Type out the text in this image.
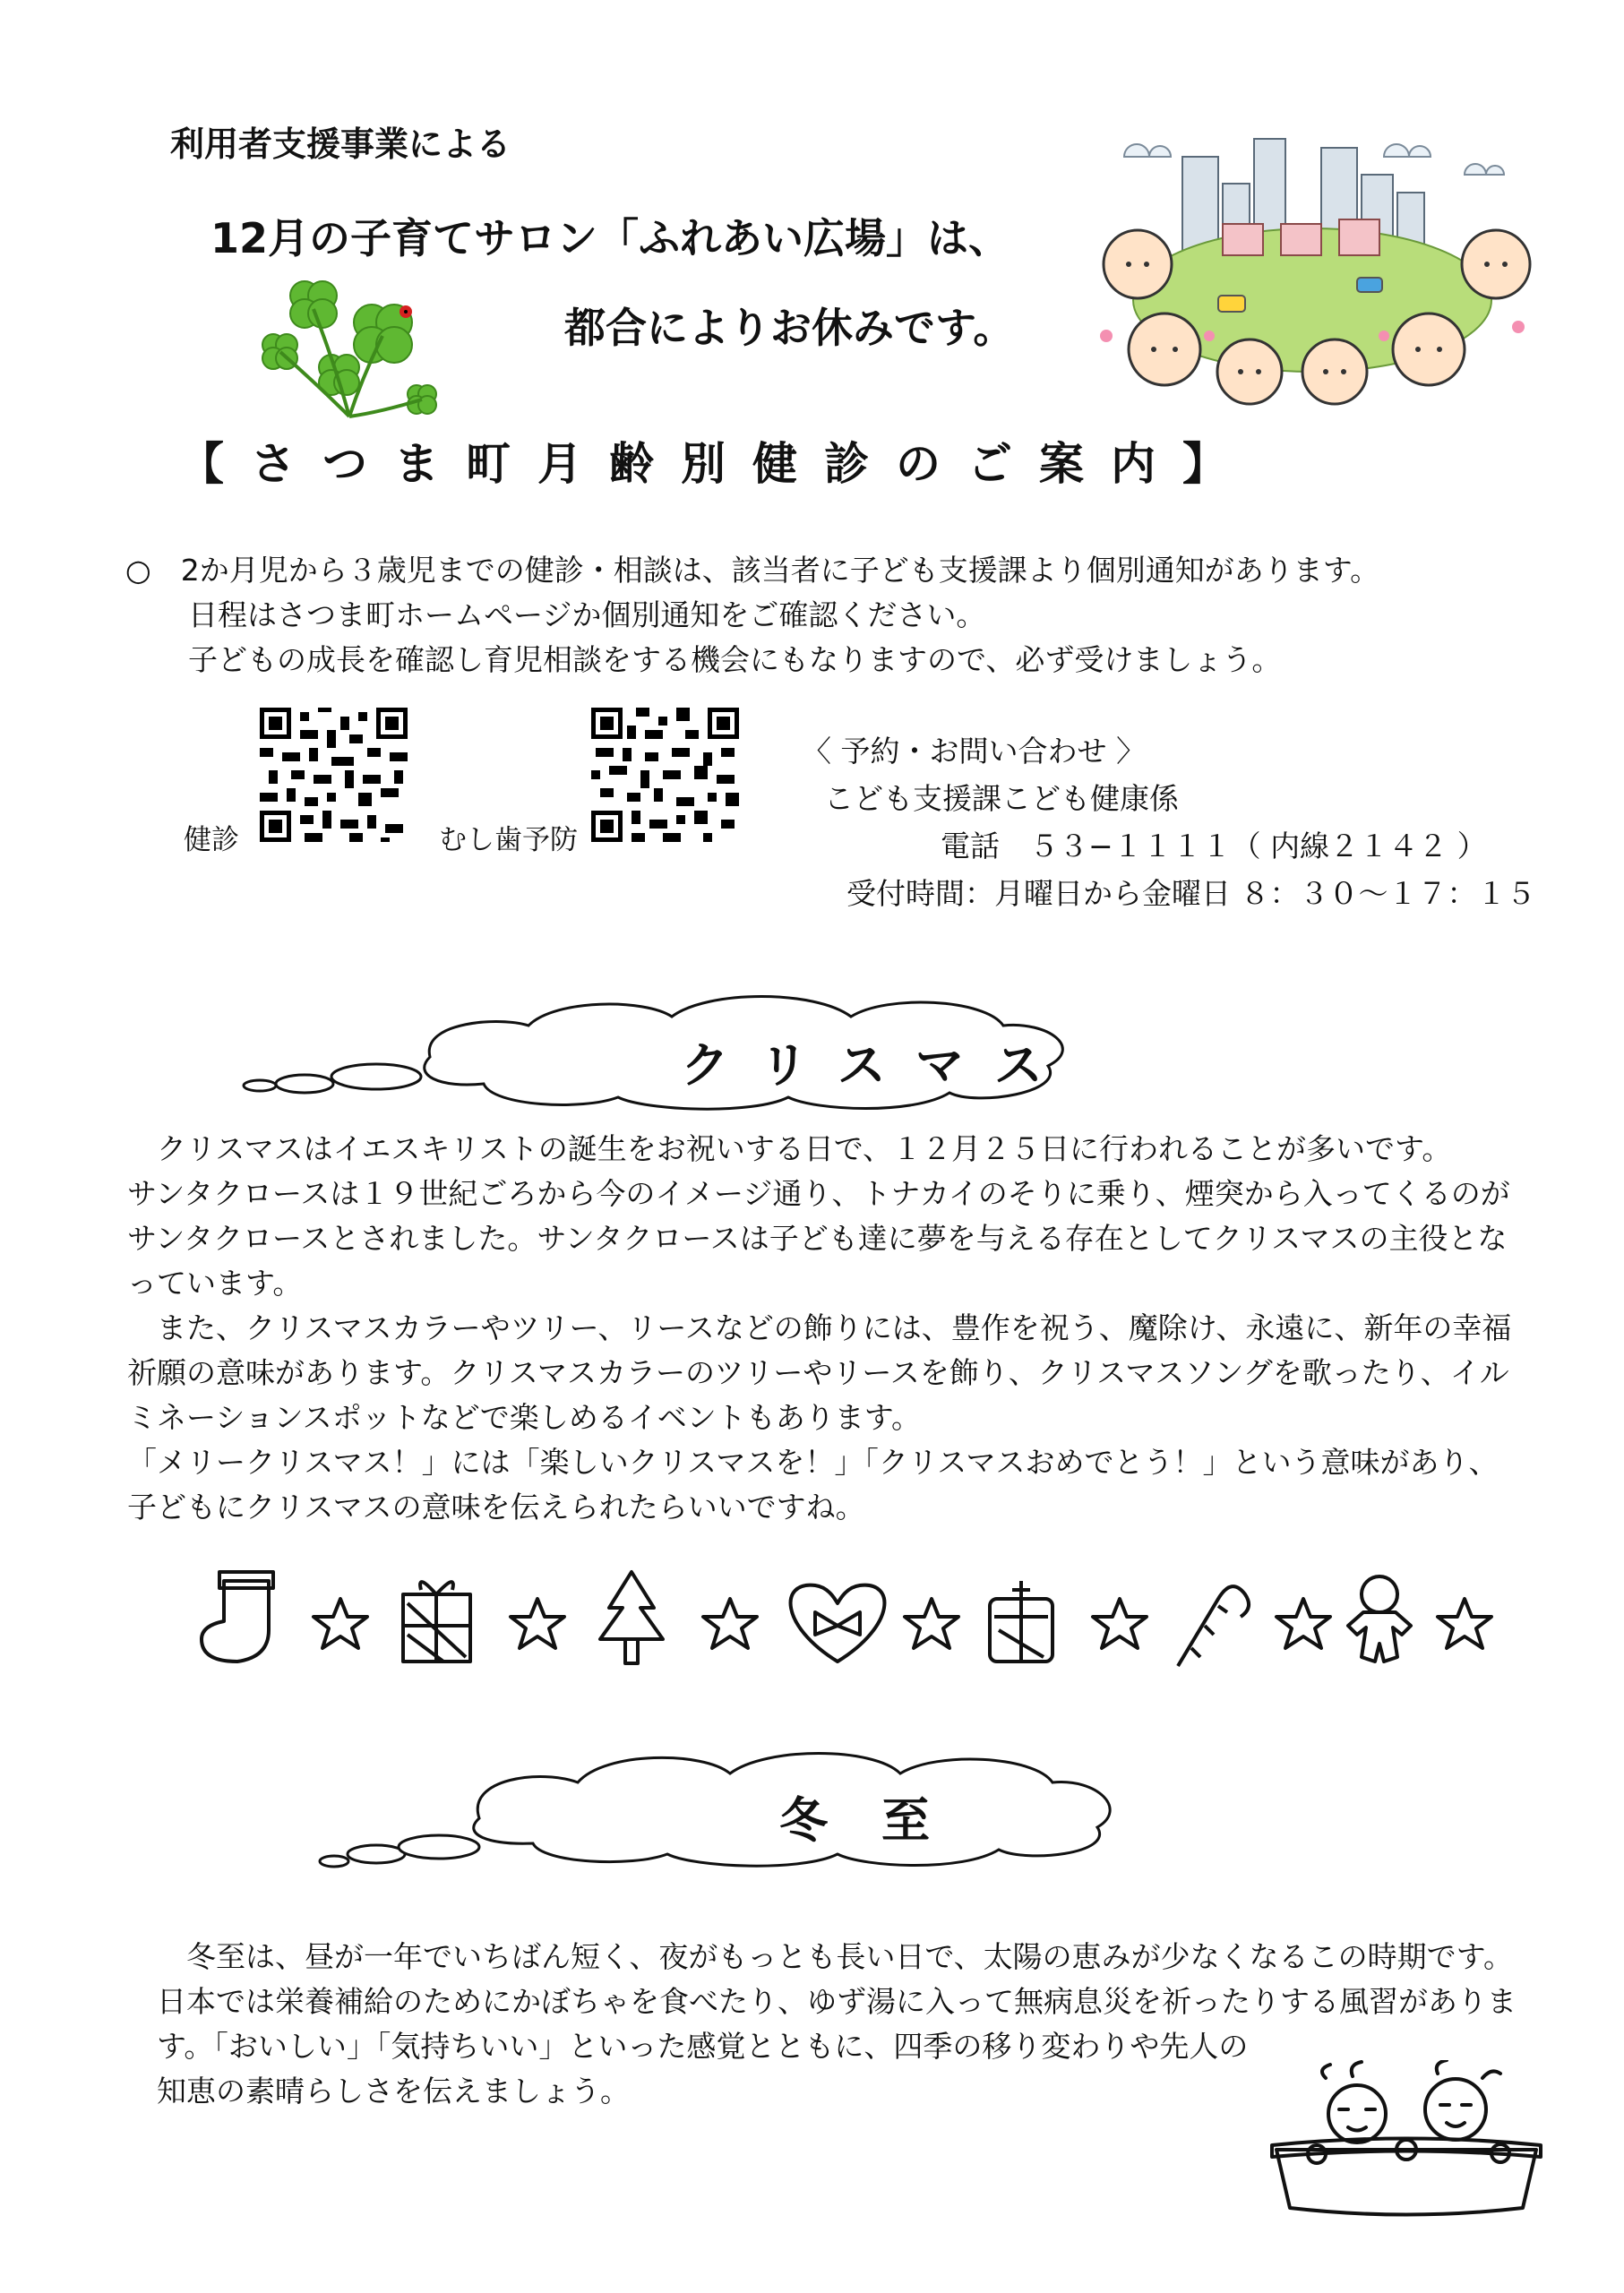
利用者支援事業による
12月の子育てサロン「ふれあい広場」は、
都合によりお休みです。
【さつま町月齢別健診のご案内】
○　 2か月児から３歳児までの健診・相談は、該当者に子ども支援課より個別通知があります。
日程はさつま町ホームページか個別通知をご確認ください。
子どもの成長を確認し育児相談をする機会にもなりますので、必ず受けましょう。
健診	むし歯予防
〈 予約・お問い合わせ 〉
こども支援課こども健康係
電話　５３−１１１１（ 内線２１４２ ）
受付時間：月曜日から金曜日 ８：３０〜１７：１５
クリスマス
　クリスマスはイエスキリストの誕生をお祝いする日で、１２月２５日に行われることが多いです。
サンタクロースは１９世紀ごろから今のイメージ通り、トナカイのそりに乗り、煙突から入ってくるのが
サンタクロースとされました。サンタクロースは子ども達に夢を与える存在としてクリスマスの主役とな
っています。
　また、クリスマスカラーやツリー、リースなどの飾りには、豊作を祝う、魔除け、永遠に、新年の幸福
祈願の意味があります。クリスマスカラーのツリーやリースを飾り、クリスマスソングを歌ったり、イル
ミネーションスポットなどで楽しめるイベントもあります。
「メリークリスマス！」には「楽しいクリスマスを！」「クリスマスおめでとう！」という意味があり、
子どもにクリスマスの意味を伝えられたらいいですね。
冬至
　冬至は、昼が一年でいちばん短く、夜がもっとも長い日で、太陽の恵みが少なくなるこの時期です。
日本では栄養補給のためにかぼちゃを食べたり、ゆず湯に入って無病息災を祈ったりする風習がありま
す。「おいしい」「気持ちいい」といった感覚とともに、四季の移り変わりや先人の
知恵の素晴らしさを伝えましょう。
